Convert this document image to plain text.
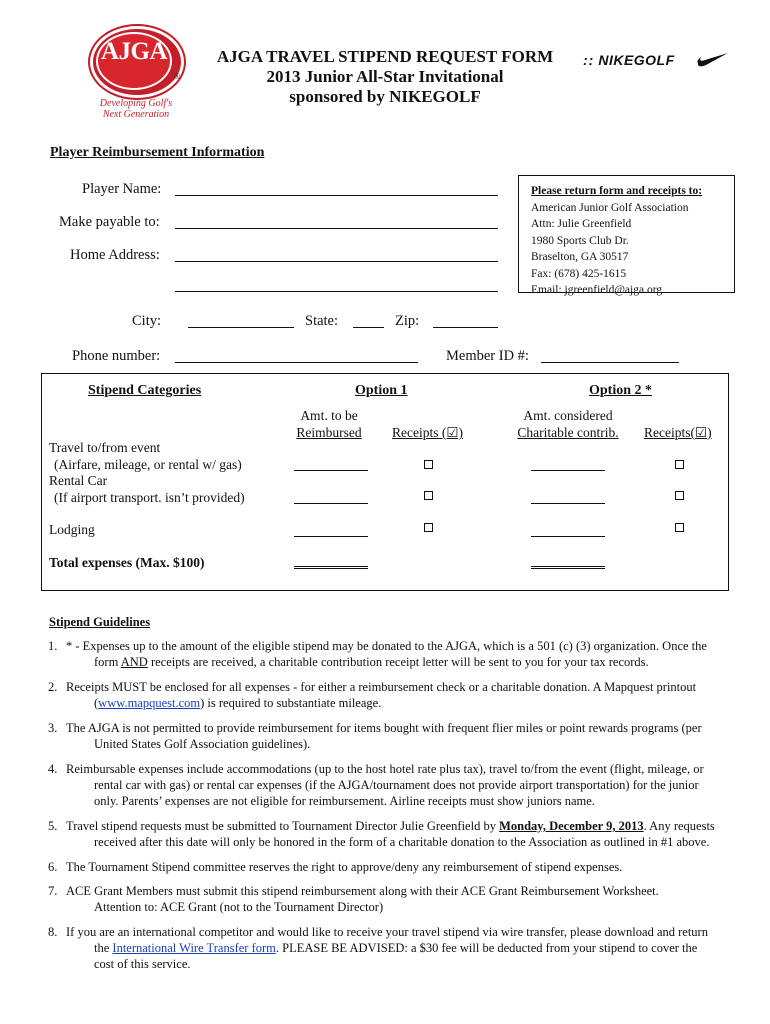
AJGA
®
Developing Golf's
Next Generation
AJGA TRAVEL STIPEND REQUEST FORM
2013 Junior All-Star Invitational
sponsored by NIKEGOLF
:: NIKEGOLF
Player Reimbursement Information
Player Name:
Make payable to:
Home Address:
City:	State:	Zip:
Phone number:	Member ID #:
Please return form and receipts to:
American Junior Golf Association
Attn: Julie Greenfield
1980 Sports Club Dr.
Braselton, GA 30517
Fax: (678) 425-1615
Email: jgreenfield@ajga.org
Stipend Categories	Option 1	Option 2 *
Amt. to be
Reimbursed	Receipts (☑)
Amt. considered
Charitable contrib.	Receipts(☑)
Travel to/from event
(Airfare, mileage, or rental w/ gas)
Rental Car
(If airport transport. isn’t provided)
Lodging
Total expenses (Max. $100)
Stipend Guidelines
1. * - Expenses up to the amount of the eligible stipend may be donated to the AJGA, which is a 501 (c) (3) organization. Once the
form AND receipts are received, a charitable contribution receipt letter will be sent to you for your tax records.
2. Receipts MUST be enclosed for all expenses - for either a reimbursement check or a charitable donation. A Mapquest printout
(www.mapquest.com) is required to substantiate mileage.
3. The AJGA is not permitted to provide reimbursement for items bought with frequent flier miles or point rewards programs (per
United States Golf Association guidelines).
4. Reimbursable expenses include accommodations (up to the host hotel rate plus tax), travel to/from the event (flight, mileage, or
rental car with gas) or rental car expenses (if the AJGA/tournament does not provide airport transportation) for the junior
only. Parents’ expenses are not eligible for reimbursement. Airline receipts must show juniors name.
5. Travel stipend requests must be submitted to Tournament Director Julie Greenfield by Monday, December 9, 2013. Any requests
received after this date will only be honored in the form of a charitable donation to the Association as outlined in #1 above.
6. The Tournament Stipend committee reserves the right to approve/deny any reimbursement of stipend expenses.
7. ACE Grant Members must submit this stipend reimbursement along with their ACE Grant Reimbursement Worksheet.
Attention to: ACE Grant (not to the Tournament Director)
8. If you are an international competitor and would like to receive your travel stipend via wire transfer, please download and return
the International Wire Transfer form. PLEASE BE ADVISED: a $30 fee will be deducted from your stipend to cover the
cost of this service.
